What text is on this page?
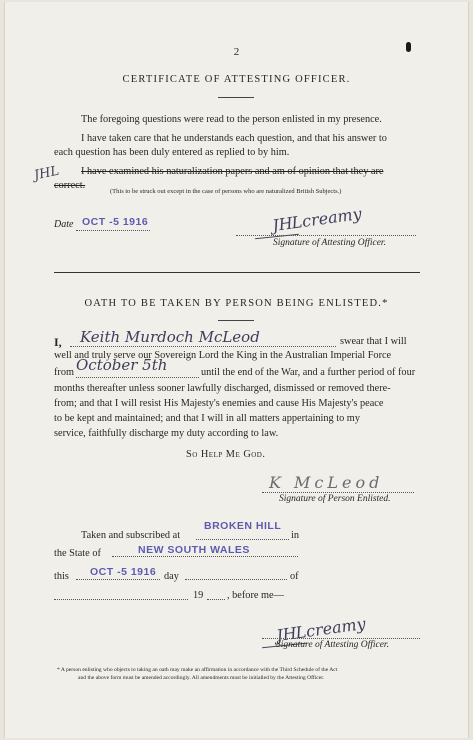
2
CERTIFICATE OF ATTESTING OFFICER.
The foregoing questions were read to the person enlisted in my presence.
I have taken care that he understands each question, and that his answer to
each question has been duly entered as replied to by him.
JHL I have examined his naturalization papers and am of opinion that they are
correct.
(This to be struck out except in the case of persons who are naturalized British Subjects.)
Date OCT -5 1916	JHLcreamy
Signature of Attesting Officer.
OATH TO BE TAKEN BY PERSON BEING ENLISTED.*
I, Keith Murdoch McLeod	swear that I will
well and truly serve our Sovereign Lord the King in the Australian Imperial Force
from October 5th	until the end of the War, and a further period of four
months thereafter unless sooner lawfully discharged, dismissed or removed there-
from; and that I will resist His Majesty's enemies and cause His Majesty's peace
to be kept and maintained; and that I will in all matters appertaining to my
service, faithfully discharge my duty according to law.
So Help Me God.
K McLeod
Signature of Person Enlisted.
Taken and subscribed at
BROKEN HILL
in
the State of	NEW SOUTH WALES
this OCT -5 1916 day	of
19 , before me—
JHLcreamy
Signature of Attesting Officer.
* A person enlisting who objects to taking an oath may make an affirmation in accordance with the Third Schedule of the Act
and the above form must be amended accordingly. All amendments must be initialled by the Attesting Officer.
